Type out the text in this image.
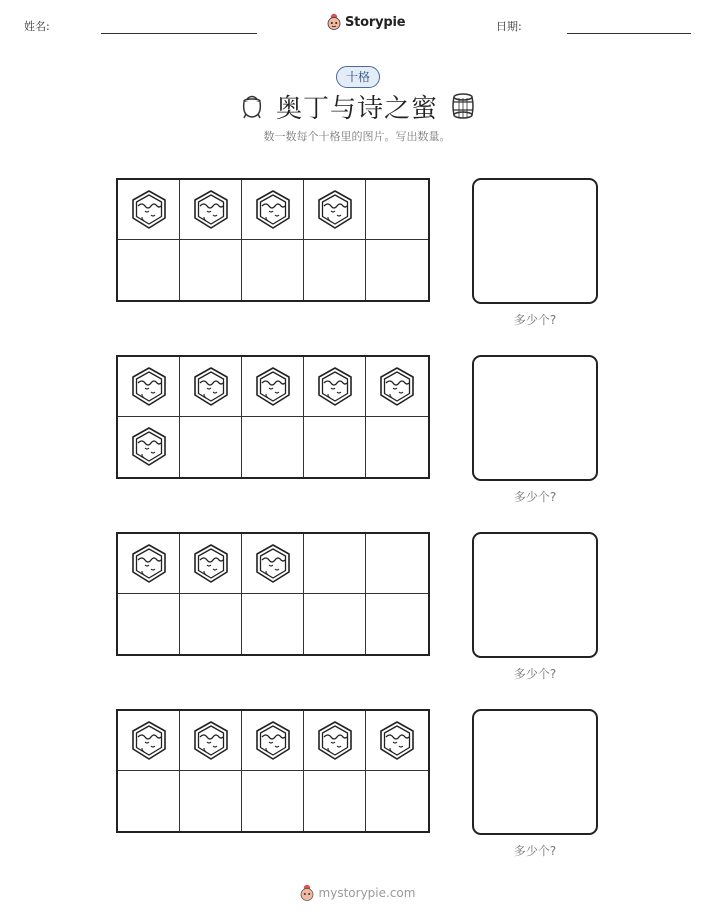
姓名:	Storypie	日期:
十格
奥丁与诗之蜜
数一数每个十格里的图片。写出数量。
多少个?
多少个?
多少个?
多少个?
mystorypie.com
